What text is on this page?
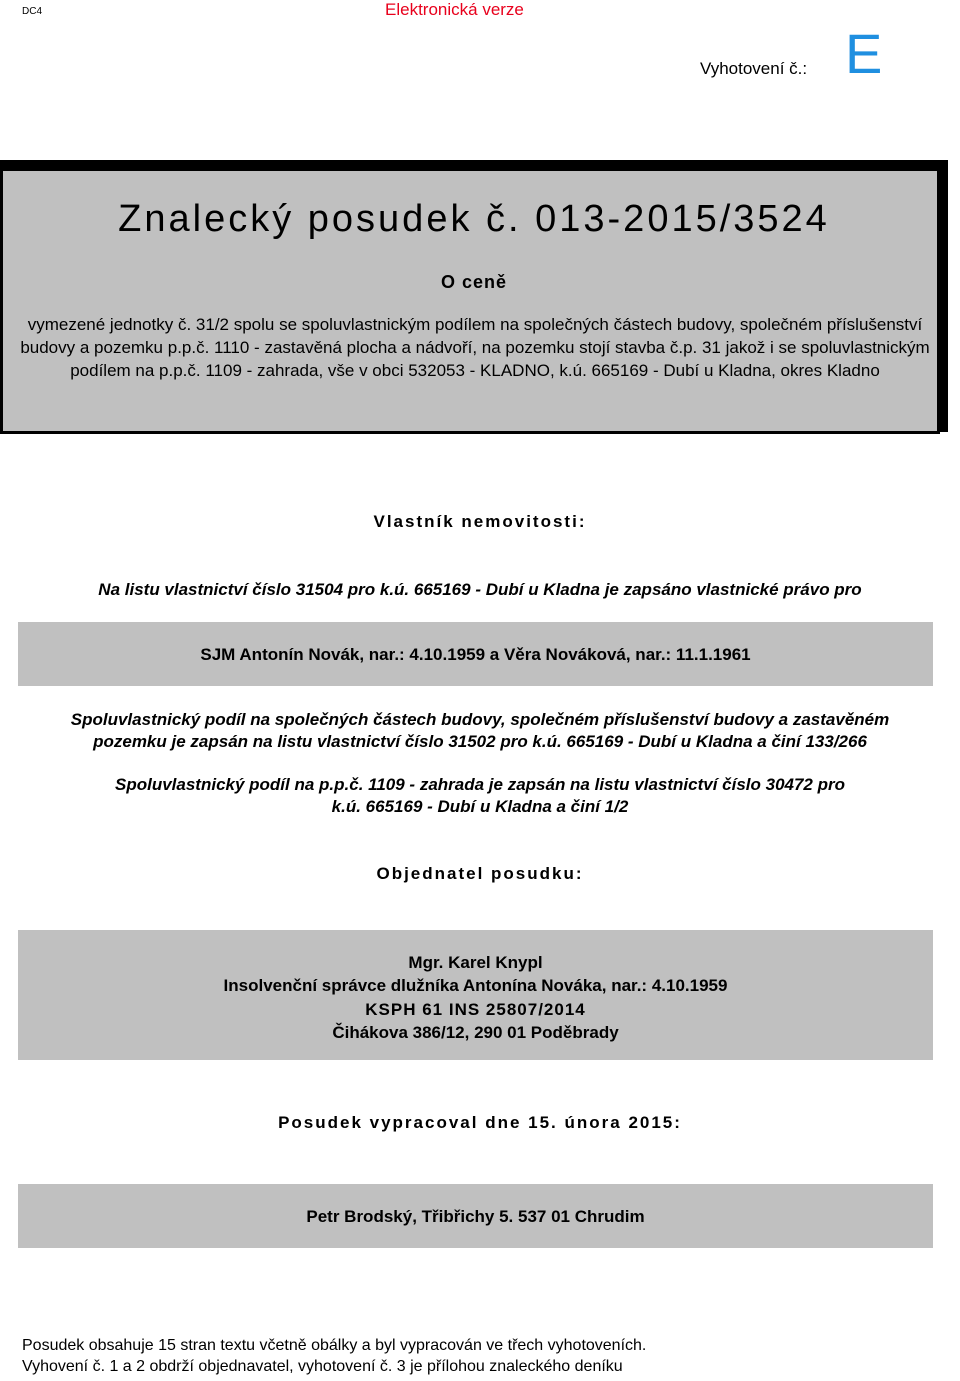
DC4	Elektronická verze
Vyhotovení č.: E
Znalecký posudek č. 013-2015/3524
O ceně
vymezené jednotky č. 31/2 spolu se spoluvlastnickým podílem na společných částech budovy, společném příslušenství budovy a pozemku p.p.č. 1110 - zastavěná plocha a nádvoří, na pozemku stojí stavba č.p. 31 jakož i se spoluvlastnickým podílem na p.p.č. 1109 - zahrada, vše v obci 532053 - KLADNO, k.ú. 665169 - Dubí u Kladna, okres Kladno
Vlastník nemovitosti:
Na listu vlastnictví číslo 31504 pro k.ú. 665169 - Dubí u Kladna je zapsáno vlastnické právo pro
SJM Antonín Novák, nar.: 4.10.1959 a Věra Nováková, nar.: 11.1.1961
Spoluvlastnický podíl na společných částech budovy, společném příslušenství budovy a zastavěném
pozemku je zapsán na listu vlastnictví číslo 31502 pro k.ú. 665169 - Dubí u Kladna a činí 133/266
Spoluvlastnický podíl na p.p.č. 1109 - zahrada je zapsán na listu vlastnictví číslo 30472 pro
k.ú. 665169 - Dubí u Kladna a činí 1/2
Objednatel posudku:
Mgr. Karel Knypl
Insolvenční správce dlužníka Antonína Nováka, nar.: 4.10.1959
KSPH 61 INS 25807/2014
Čihákova 386/12, 290 01 Poděbrady
Posudek vypracoval dne 15. února 2015:
Petr Brodský, Třibřichy 5. 537 01 Chrudim
Posudek obsahuje 15 stran textu včetně obálky a byl vypracován ve třech vyhotoveních.
Vyhovení č. 1 a 2 obdrží objednavatel, vyhotovení č. 3 je přílohou znaleckého deníku
